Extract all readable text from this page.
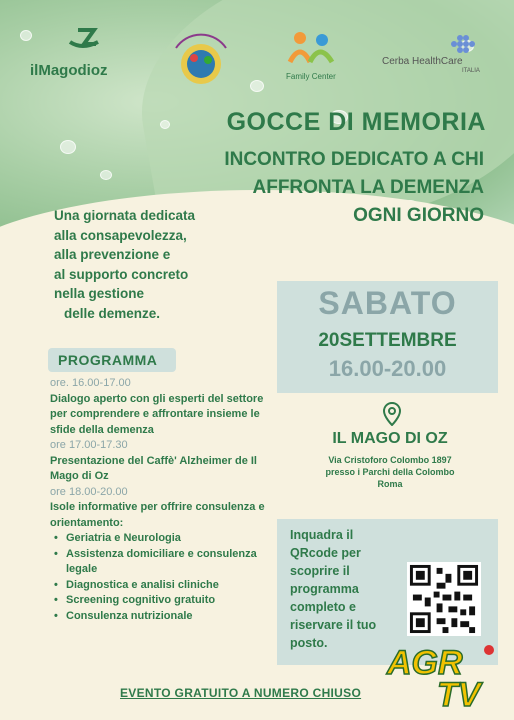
ilMagodioz	Family Center
Cerba HealthCare
ITALIA
GOCCE DI MEMORIA
INCONTRO DEDICATO A CHI
AFFRONTA LA DEMENZA
OGNI GIORNO
Una giornata dedicata
alla consapevolezza,
alla prevenzione e
al supporto concreto
nella gestione
delle demenze.	SABATO
20SETTEMBRE
16.00-20.00
IL MAGO DI OZ
Via Cristoforo Colombo 1897
presso i Parchi della Colombo
Roma
PROGRAMMA
ore. 16.00-17.00
Dialogo aperto con gli esperti del settore per comprendere e affrontare insieme le sfide della demenza
ore 17.00-17.30
Presentazione del Caffè' Alzheimer de Il Mago di Oz
ore 18.00-20.00
Isole informative per offrire consulenza e orientamento:
• Geriatria e Neurologia
• Assistenza domiciliare e consulenza legale
• Diagnostica e analisi cliniche
• Screening cognitivo gratuito
• Consulenza nutrizionale
Inquadra il QRcode per scoprire il programma completo e riservare il tuo posto.
AGR
TV
EVENTO GRATUITO A NUMERO CHIUSO
